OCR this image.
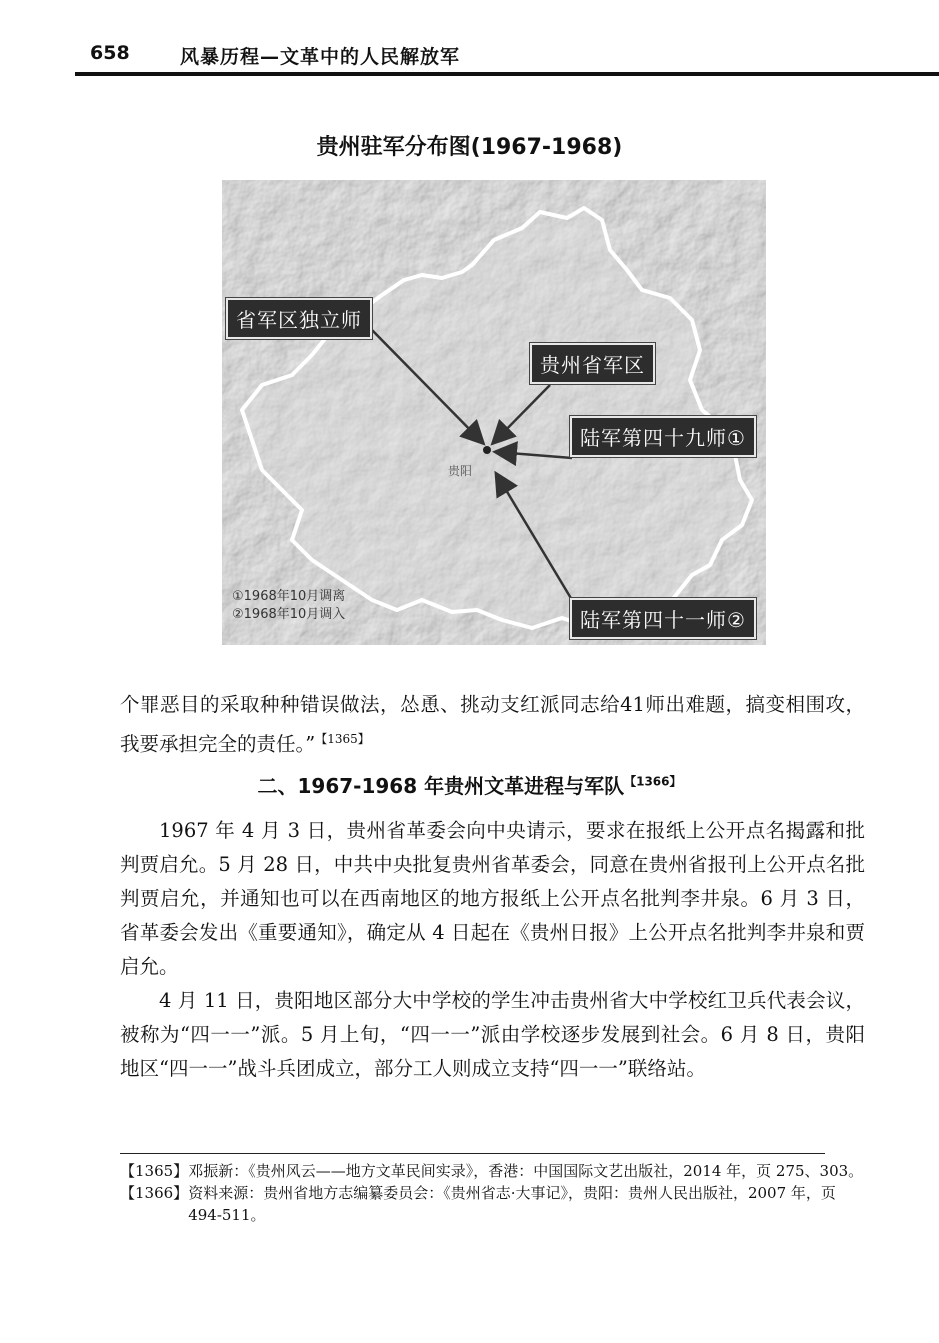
658	风暴历程—文革中的人民解放军
贵州驻军分布图(1967-1968)
贵阳
省军区独立师
贵州省军区
陆军第四十九师①
陆军第四十一师②
①1968年10月调离
②1968年10月调入

个罪恶目的采取种种错误做法，怂恿、挑动支红派同志给41师出难题，搞变相围攻，我要承担完全的责任。”$^{【1365】}$

二、1967-1968 年贵州文革进程与军队$^{【1366】}$

1967 年 4 月 3 日，贵州省革委会向中央请示，要求在报纸上公开点名揭露和批判贾启允。5 月 28 日，中共中央批复贵州省革委会，同意在贵州省报刊上公开点名批判贾启允，并通知也可以在西南地区的地方报纸上公开点名批判李井泉。6 月 3 日，省革委会发出《重要通知》，确定从 4 日起在《贵州日报》上公开点名批判李井泉和贾启允。

4 月 11 日，贵阳地区部分大中学校的学生冲击贵州省大中学校红卫兵代表会议，被称为“四一一”派。5 月上旬，“四一一”派由学校逐步发展到社会。6 月 8 日，贵阳地区“四一一”战斗兵团成立，部分工人则成立支持“四一一”联络站。

【1365】 邓振新：《贵州风云——地方文革民间实录》，香港：中国国际文艺出版社，2014 年，页 275、303。
【1366】 资料来源：贵州省地方志编纂委员会：《贵州省志·大事记》，贵阳：贵州人民出版社，2007 年，页 494-511。
